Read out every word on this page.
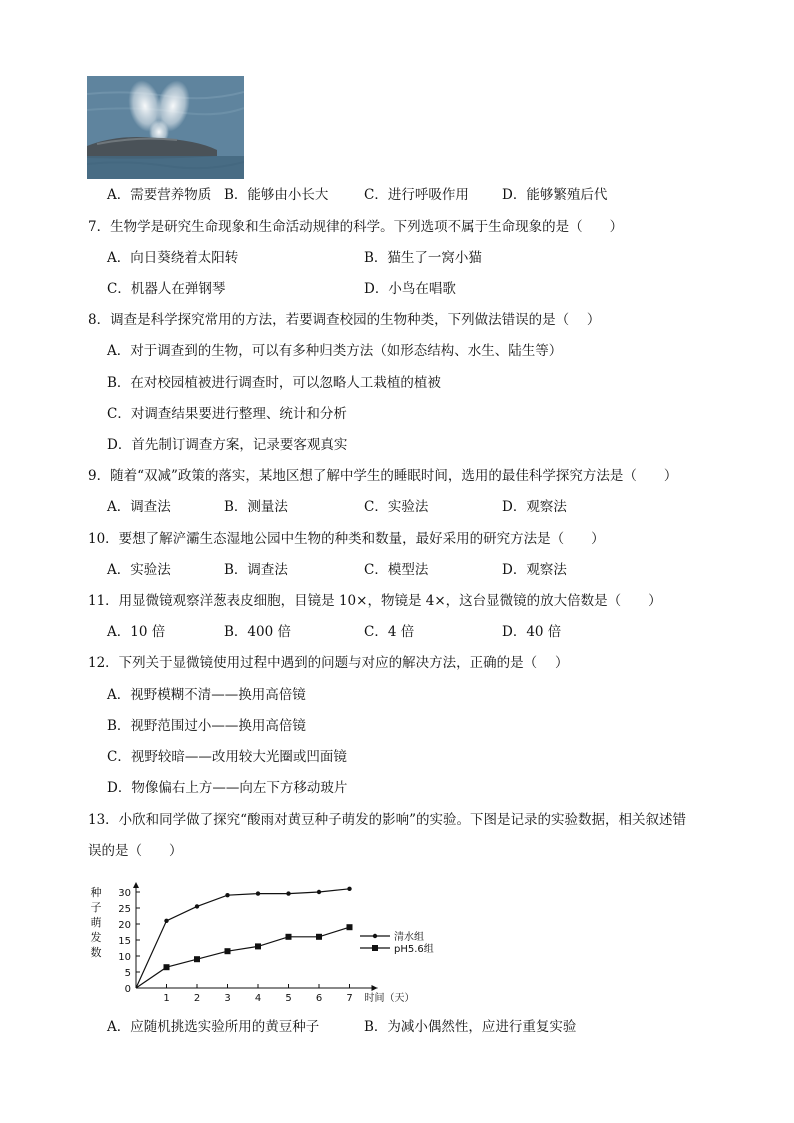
A．需要营养物质 B．能够由小长大	C．进行呼吸作用 D．能够繁殖后代
7．生物学是研究生命现象和生命活动规律的科学。下列选项不属于生命现象的是（　　）
A．向日葵绕着太阳转	B．猫生了一窝小猫
C．机器人在弹钢琴	D．小鸟在唱歌
8．调查是科学探究常用的方法，若要调查校园的生物种类，下列做法错误的是（　 ）
A．对于调查到的生物，可以有多种归类方法（如形态结构、水生、陆生等）
B．在对校园植被进行调查时，可以忽略人工栽植的植被
C．对调查结果要进行整理、统计和分析
D．首先制订调查方案，记录要客观真实
9．随着“双减”政策的落实，某地区想了解中学生的睡眠时间，选用的最佳科学探究方法是（　　）
A．调查法	B．测量法	C．实验法	D．观察法
10．要想了解浐灞生态湿地公园中生物的种类和数量，最好采用的研究方法是（　　）
A．实验法	B．调查法	C．模型法	D．观察法
11．用显微镜观察洋葱表皮细胞，目镜是 10×，物镜是 4×，这台显微镜的放大倍数是（　　）
A．10 倍	B．400 倍	C．4 倍	D．40 倍
12．下列关于显微镜使用过程中遇到的问题与对应的解决方法，正确的是（　 ）
A．视野模糊不清——换用高倍镜
B．视野范围过小——换用高倍镜
C．视野较暗——改用较大光圈或凹面镜
D．物像偏右上方——向左下方移动玻片
13．小欣和同学做了探究“酸雨对黄豆种子萌发的影响”的实验。下图是记录的实验数据，相关叙述错
误的是（　　）
0
5
10
15
20
25
30
1 2 3 4 5 6 7
种
子
萌
发
数
时间（天）
清水组
pH5.6组
A．应随机挑选实验所用的黄豆种子	B．为减小偶然性，应进行重复实验
